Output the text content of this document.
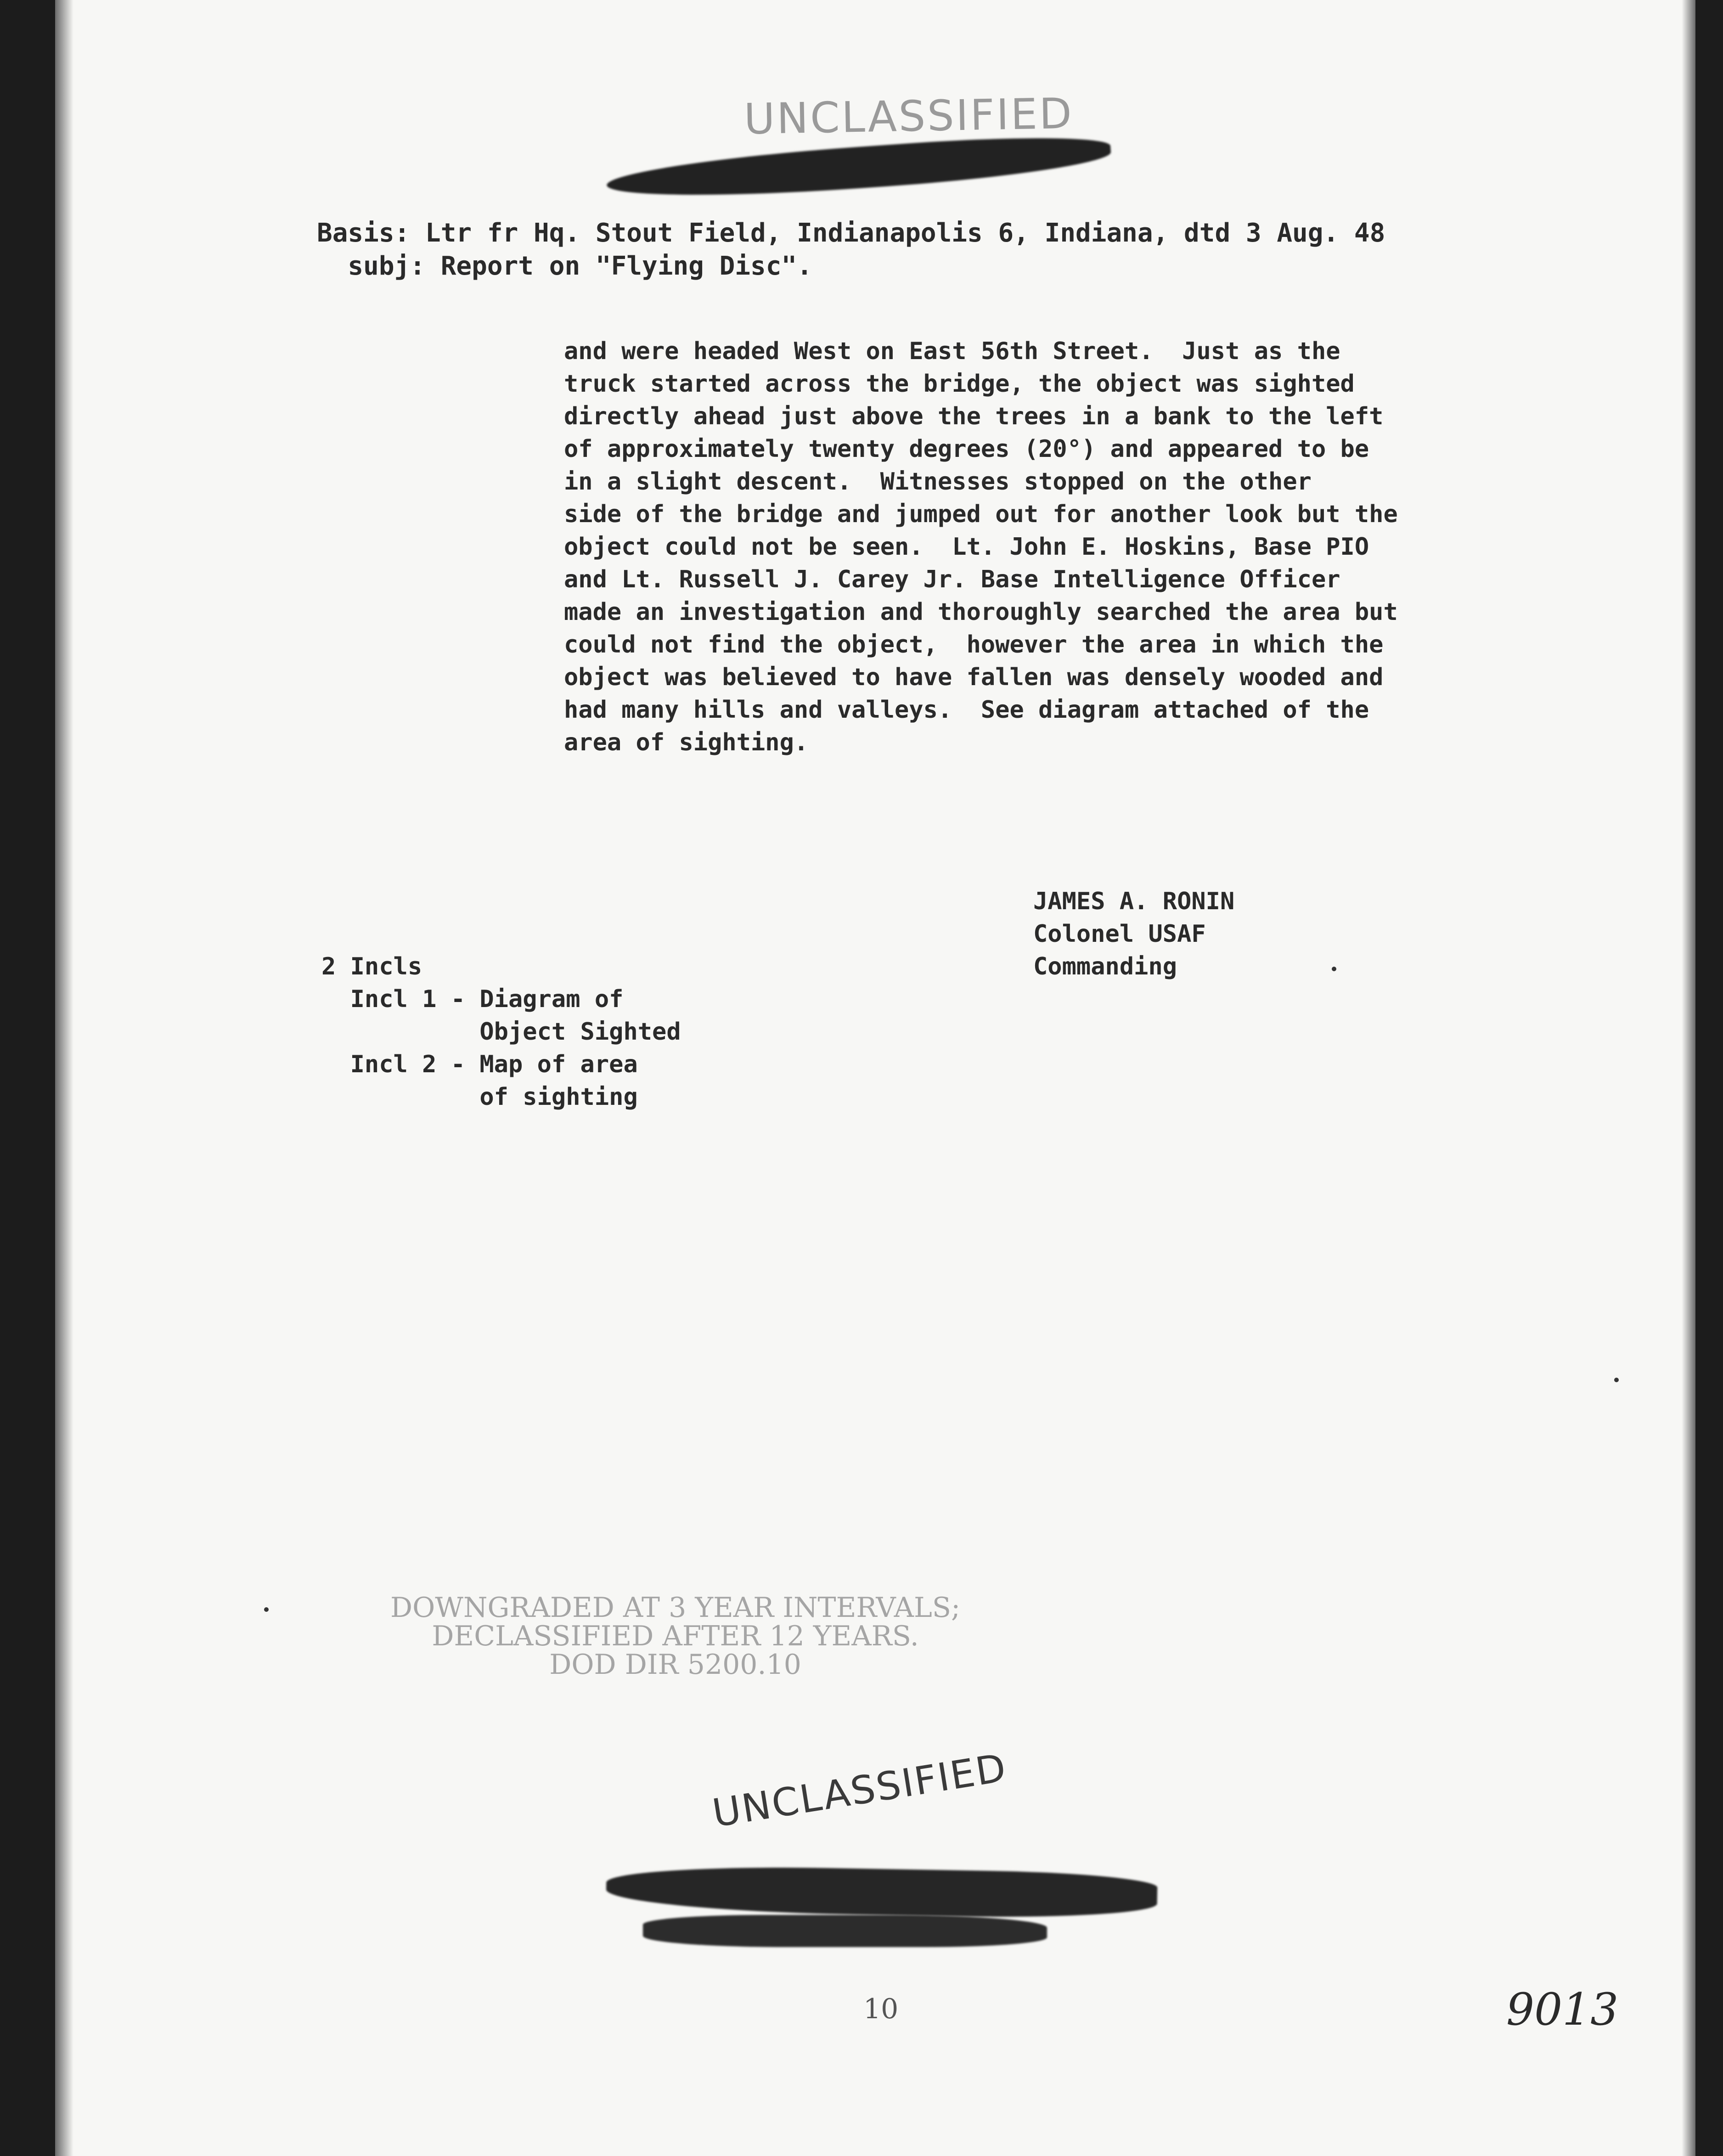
UNCLASSIFIED
Basis: Ltr fr Hq. Stout Field, Indianapolis 6, Indiana, dtd 3 Aug. 48
subj: Report on "Flying Disc".
and were headed West on East 56th Street.  Just as the
truck started across the bridge, the object was sighted
directly ahead just above the trees in a bank to the left
of approximately twenty degrees (20°) and appeared to be
in a slight descent.  Witnesses stopped on the other
side of the bridge and jumped out for another look but the
object could not be seen.  Lt. John E. Hoskins, Base PIO
and Lt. Russell J. Carey Jr. Base Intelligence Officer
made an investigation and thoroughly searched the area but
could not find the object,  however the area in which the
object was believed to have fallen was densely wooded and
had many hills and valleys.  See diagram attached of the
area of sighting.
JAMES A. RONIN
Colonel USAF
Commanding
2 Incls
Incl 1 - Diagram of
Object Sighted
Incl 2 - Map of area
of sighting
DOWNGRADED AT 3 YEAR INTERVALS;
DECLASSIFIED AFTER 12 YEARS.
DOD DIR 5200.10
UNCLASSIFIED
10	9013
